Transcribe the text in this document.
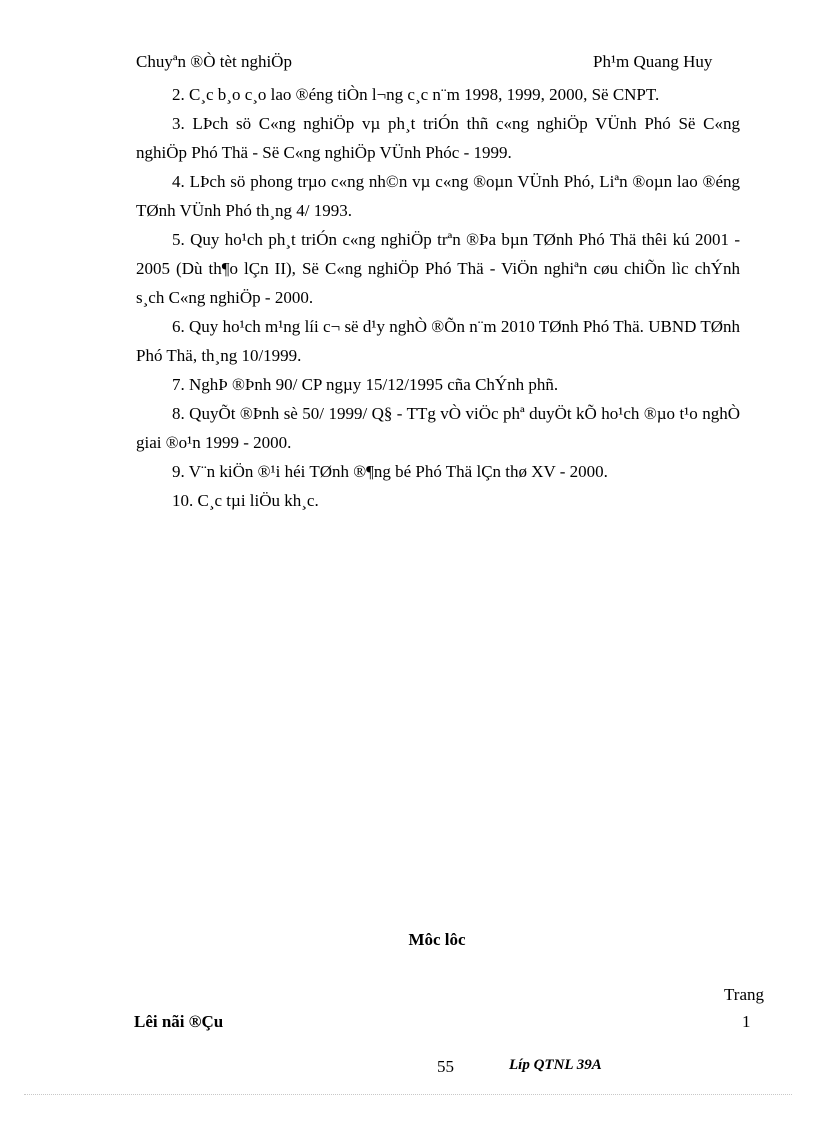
Chuyªn ®Ò tèt nghiÖp	Ph¹m Quang Huy

2. C¸c b¸o c¸o lao ®éng tiÒn l¬ng c¸c n¨m 1998, 1999, 2000, Së CNPT.

3. LÞch sö C«ng nghiÖp vµ ph¸t triÓn thñ c«ng nghiÖp VÜnh Phó Së C«ng nghiÖp Phó Thä - Së C«ng nghiÖp VÜnh Phóc - 1999.

4. LÞch sö phong trµo c«ng nh©n vµ c«ng ®oµn VÜnh Phó, Liªn ®oµn lao ®éng TØnh VÜnh Phó th¸ng 4/ 1993.

5. Quy ho¹ch ph¸t triÓn c«ng nghiÖp trªn ®Þa bµn TØnh Phó Thä thêi kú 2001 - 2005 (Dù th¶o lÇn II), Së C«ng nghiÖp Phó Thä - ViÖn nghiªn cøu chiÕn lìc chÝnh s¸ch C«ng nghiÖp - 2000.

6. Quy ho¹ch m¹ng líi c¬ së d¹y nghÒ ®Õn n¨m 2010 TØnh Phó Thä. UBND TØnh Phó Thä, th¸ng 10/1999.

7. NghÞ ®Þnh 90/ CP ngµy 15/12/1995 cña ChÝnh phñ.

8. QuyÕt ®Þnh sè 50/ 1999/ Q§ - TTg vÒ viÖc phª duyÖt kÕ ho¹ch ®µo t¹o nghÒ giai ®o¹n 1999 - 2000.

9. V¨n kiÖn ®¹i héi TØnh ®¶ng bé Phó Thä lÇn thø XV - 2000.

10. C¸c tµi liÖu kh¸c.

Môc lôc
Trang
Lêi nãi ®Çu	1
55	Líp QTNL 39A
